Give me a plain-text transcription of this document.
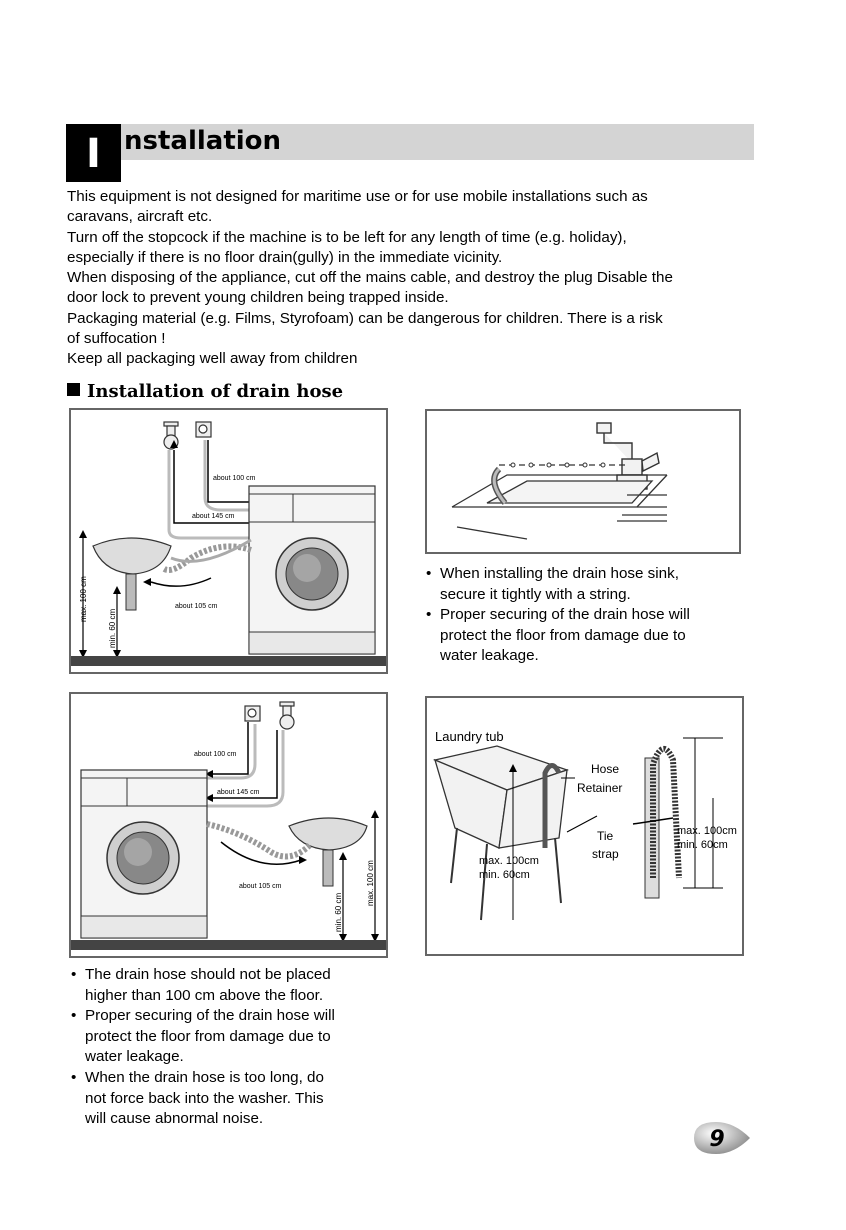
I nstallation

This equipment is not designed for maritime use or for use mobile installations such as

caravans, aircraft etc.

Turn off the stopcock if the machine is to be left for any length of time (e.g. holiday),

especially if there is no floor drain(gully) in the immediate vicinity.

When disposing of the appliance, cut off the mains cable, and destroy the plug Disable the

door lock to prevent young children being trapped inside.

Packaging material (e.g. Films, Styrofoam) can be dangerous for children. There is a risk

of suffocation !

Keep all packaging well away from children

Installation of drain hose
about 100 cm
about 145 cm
about 105 cm
max. 100 cm
min. 60 cm
• When installing the drain hose sink,
secure it tightly with a string.
• Proper securing of the drain hose will
protect the floor from damage due to
water leakage.
about 100 cm
about 145 cm
about 105 cm
min. 60 cm
max. 100 cm
Laundry tub
Hose
Retainer
Tie
strap
max. 100cm
min. 60cm
max. 100cm
min. 60cm
• The drain hose should not be placed
higher than 100 cm above the floor.
• Proper securing of the drain hose will
protect the floor from damage due to
water leakage.
• When the drain hose is too long, do
not force back into the washer. This
will cause abnormal noise.
9
